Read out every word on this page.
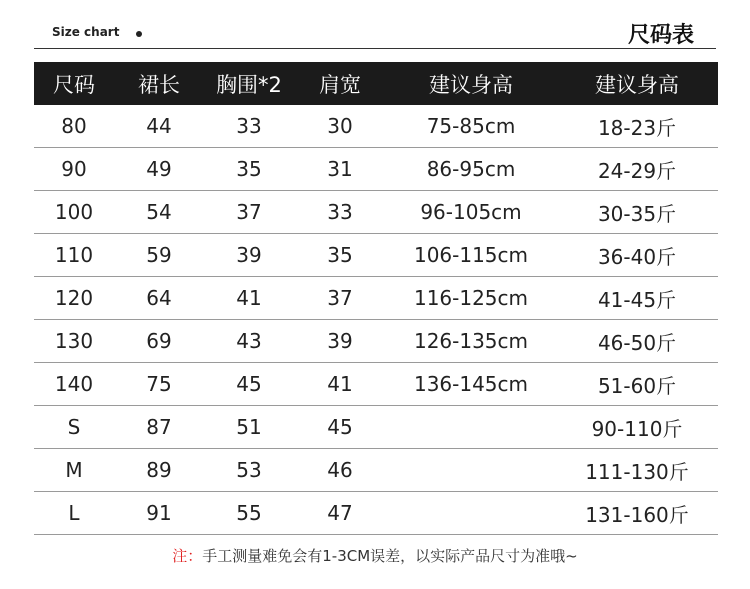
Size chart	尺码表
尺码	裙长	胸围*2	肩宽	建议身高	建议身高
80	44	33	30	75-85cm	18-23斤
90	49	35	31	86-95cm	24-29斤
100	54	37	33	96-105cm	30-35斤
110	59	39	35	106-115cm	36-40斤
120	64	41	37	116-125cm	41-45斤
130	69	43	39	126-135cm	46-50斤
140	75	45	41	136-145cm	51-60斤
S	87	51	45		90-110斤
M	89	53	46		111-130斤
L	91	55	47		131-160斤
注：手工测量难免会有1-3CM误差，以实际产品尺寸为准哦~
